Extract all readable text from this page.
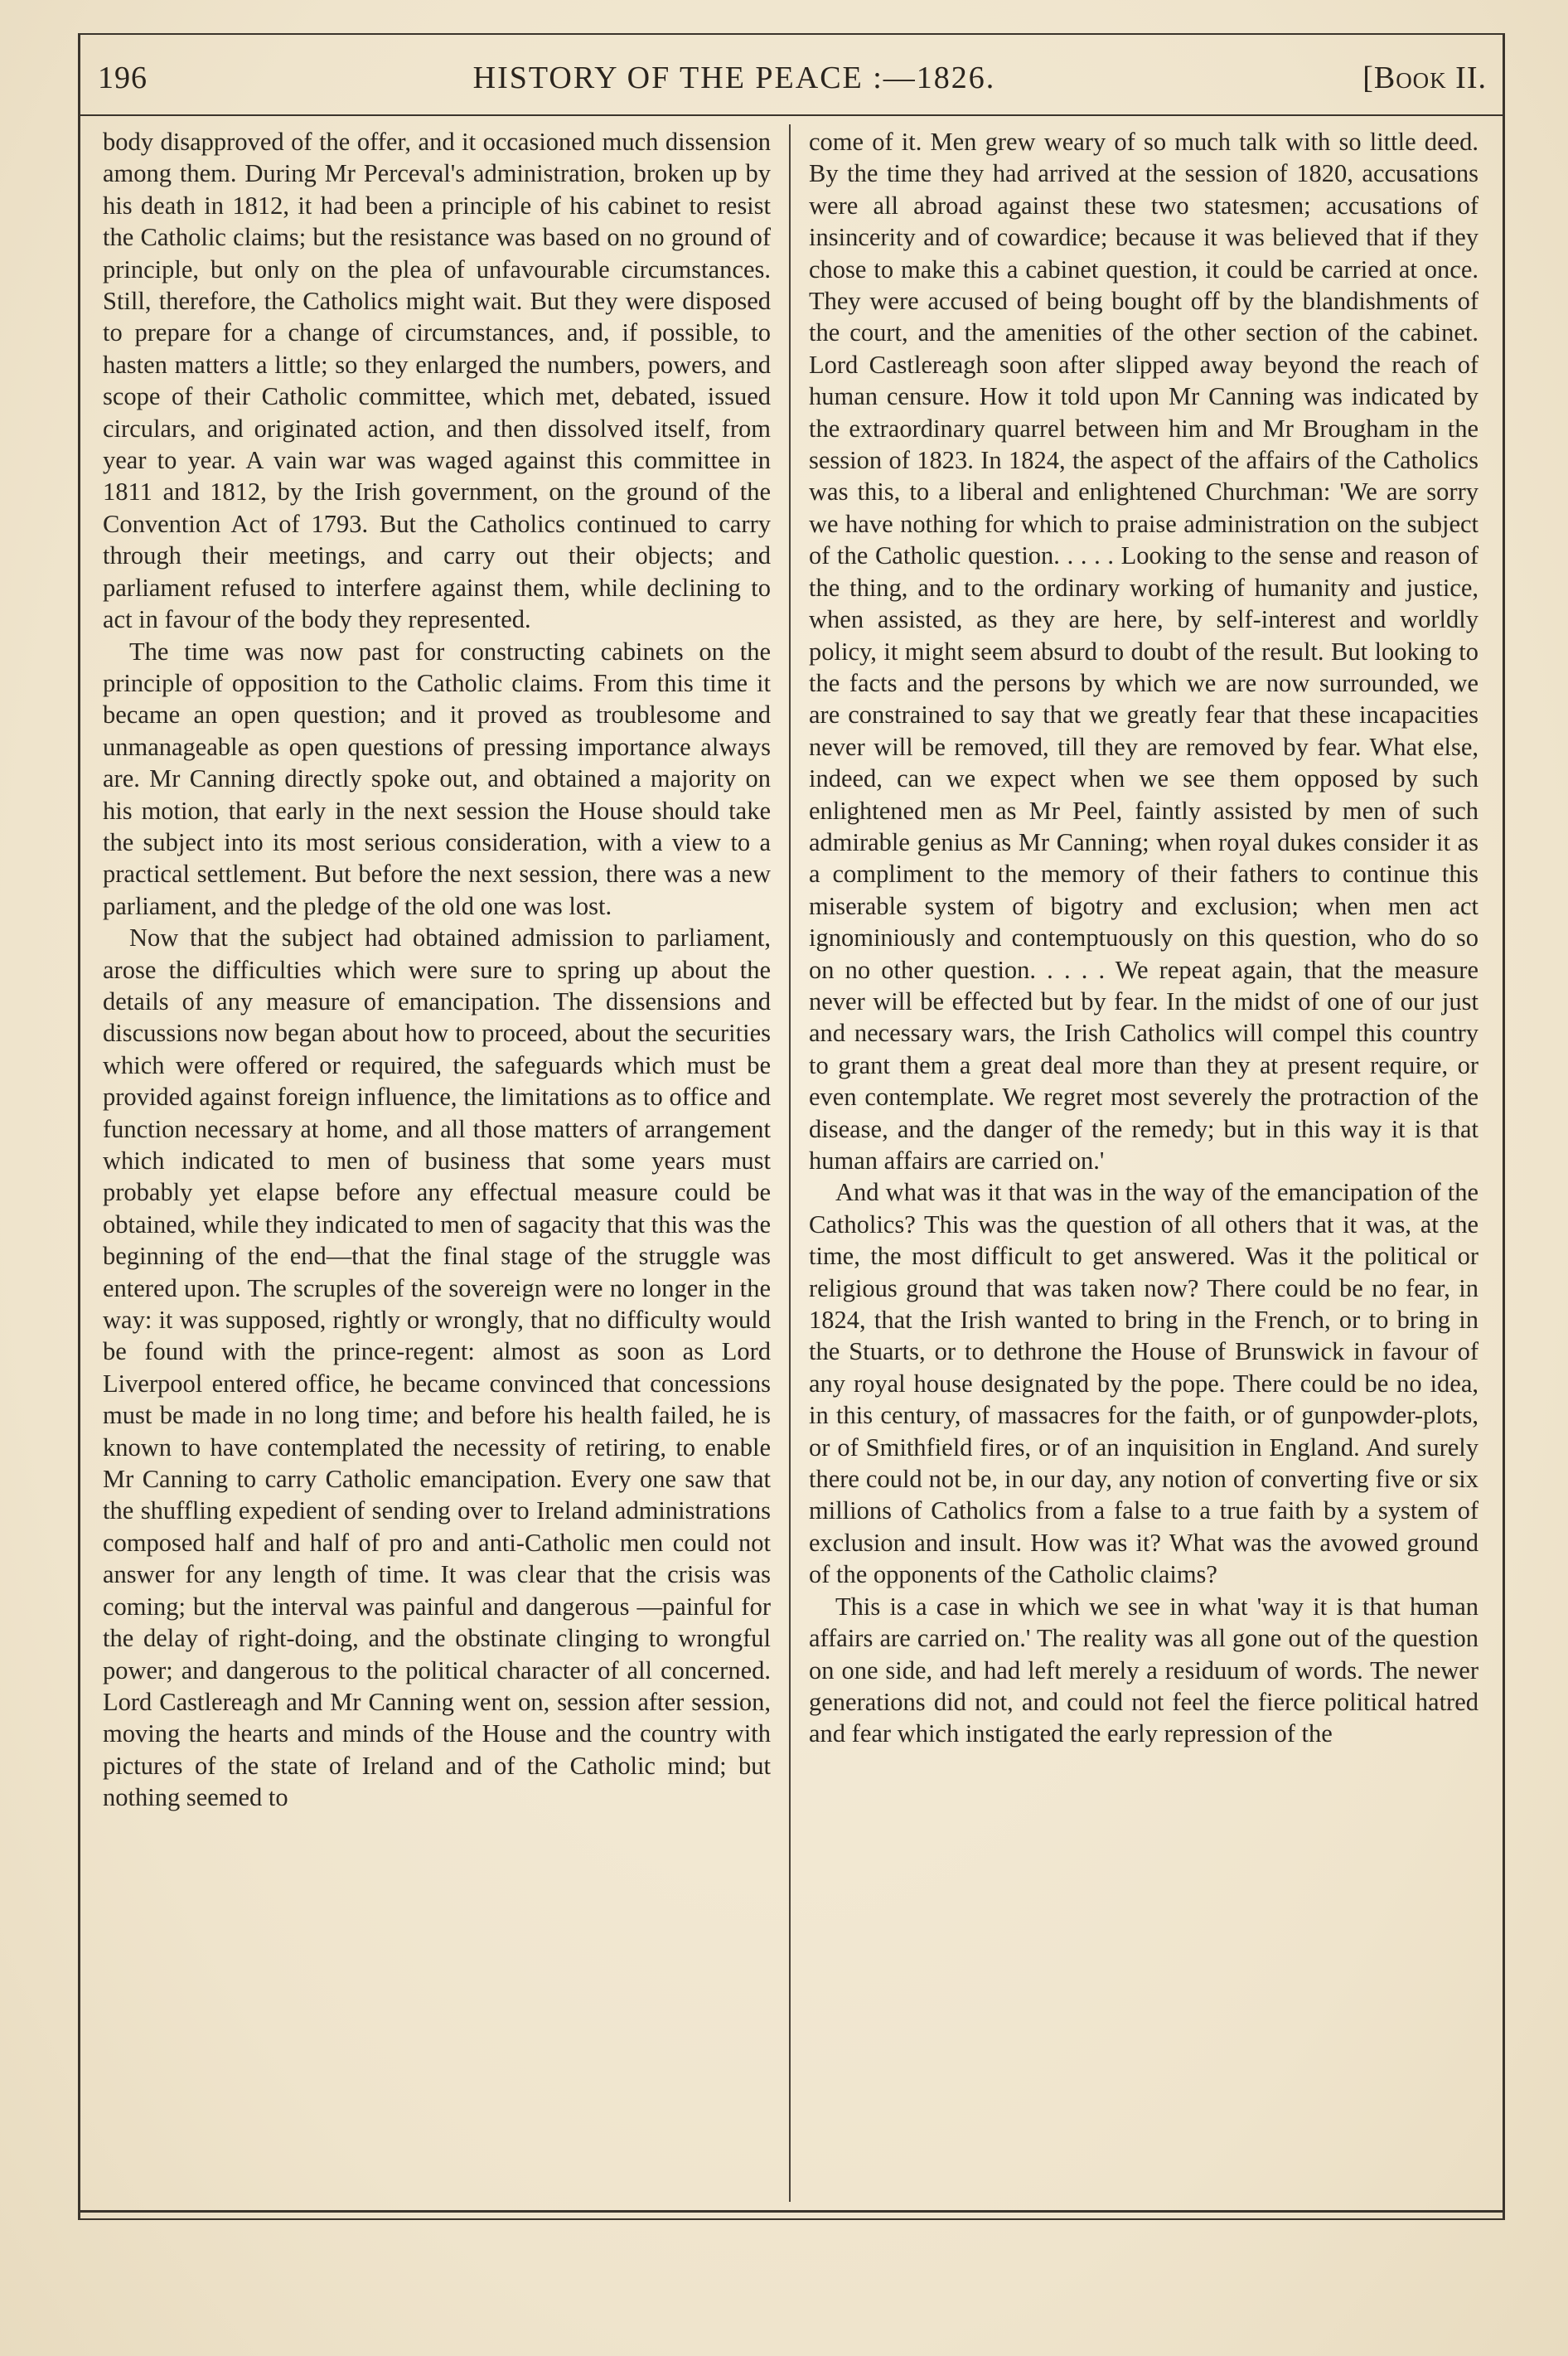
196	HISTORY OF THE PEACE :—1826.	[Book II.

body disapproved of the offer, and it occasioned much dissension among them. During Mr Perceval's administration, broken up by his death in 1812, it had been a principle of his cabinet to resist the Catholic claims; but the resistance was based on no ground of principle, but only on the plea of unfavourable circumstances. Still, therefore, the Catholics might wait. But they were disposed to prepare for a change of circumstances, and, if possible, to hasten matters a little; so they enlarged the numbers, powers, and scope of their Catholic committee, which met, debated, issued circulars, and originated action, and then dissolved itself, from year to year. A vain war was waged against this committee in 1811 and 1812, by the Irish government, on the ground of the Convention Act of 1793. But the Catholics continued to carry through their meetings, and carry out their objects; and parliament refused to interfere against them, while declining to act in favour of the body they represented.

The time was now past for constructing cabinets on the principle of opposition to the Catholic claims. From this time it became an open question; and it proved as troublesome and unmanageable as open questions of pressing importance always are. Mr Canning directly spoke out, and obtained a majority on his motion, that early in the next session the House should take the subject into its most serious consideration, with a view to a practical settlement. But before the next session, there was a new parliament, and the pledge of the old one was lost.

Now that the subject had obtained admission to parliament, arose the difficulties which were sure to spring up about the details of any measure of emancipation. The dissensions and discussions now began about how to proceed, about the securities which were offered or required, the safeguards which must be provided against foreign influence, the limitations as to office and function necessary at home, and all those matters of arrangement which indicated to men of business that some years must probably yet elapse before any effectual measure could be obtained, while they indicated to men of sagacity that this was the beginning of the end—that the final stage of the struggle was entered upon. The scruples of the sovereign were no longer in the way: it was supposed, rightly or wrongly, that no difficulty would be found with the prince-regent: almost as soon as Lord Liverpool entered office, he became convinced that concessions must be made in no long time; and before his health failed, he is known to have contemplated the necessity of retiring, to enable Mr Canning to carry Catholic emancipation. Every one saw that the shuffling expedient of sending over to Ireland administrations composed half and half of pro and anti-Catholic men could not answer for any length of time. It was clear that the crisis was coming; but the interval was painful and dangerous —painful for the delay of right-doing, and the obstinate clinging to wrongful power; and dangerous to the political character of all concerned. Lord Castlereagh and Mr Canning went on, session after session, moving the hearts and minds of the House and the country with pictures of the state of Ireland and of the Catholic mind; but nothing seemed to

come of it. Men grew weary of so much talk with so little deed. By the time they had arrived at the session of 1820, accusations were all abroad against these two statesmen; accusations of insincerity and of cowardice; because it was believed that if they chose to make this a cabinet question, it could be carried at once. They were accused of being bought off by the blandishments of the court, and the amenities of the other section of the cabinet. Lord Castlereagh soon after slipped away beyond the reach of human censure. How it told upon Mr Canning was indicated by the extraordinary quarrel between him and Mr Brougham in the session of 1823. In 1824, the aspect of the affairs of the Catholics was this, to a liberal and enlightened Churchman: 'We are sorry we have nothing for which to praise administration on the subject of the Catholic question. . . . . Looking to the sense and reason of the thing, and to the ordinary working of humanity and justice, when assisted, as they are here, by self-interest and worldly policy, it might seem absurd to doubt of the result. But looking to the facts and the persons by which we are now surrounded, we are constrained to say that we greatly fear that these incapacities never will be removed, till they are removed by fear. What else, indeed, can we expect when we see them opposed by such enlightened men as Mr Peel, faintly assisted by men of such admirable genius as Mr Canning; when royal dukes consider it as a compliment to the memory of their fathers to continue this miserable system of bigotry and exclusion; when men act ignominiously and contemptuously on this question, who do so on no other question. . . . . We repeat again, that the measure never will be effected but by fear. In the midst of one of our just and necessary wars, the Irish Catholics will compel this country to grant them a great deal more than they at present require, or even contemplate. We regret most severely the protraction of the disease, and the danger of the remedy; but in this way it is that human affairs are carried on.'

And what was it that was in the way of the emancipation of the Catholics? This was the question of all others that it was, at the time, the most difficult to get answered. Was it the political or religious ground that was taken now? There could be no fear, in 1824, that the Irish wanted to bring in the French, or to bring in the Stuarts, or to dethrone the House of Brunswick in favour of any royal house designated by the pope. There could be no idea, in this century, of massacres for the faith, or of gunpowder-plots, or of Smithfield fires, or of an inquisition in England. And surely there could not be, in our day, any notion of converting five or six millions of Catholics from a false to a true faith by a system of exclusion and insult. How was it? What was the avowed ground of the opponents of the Catholic claims?

This is a case in which we see in what 'way it is that human affairs are carried on.' The reality was all gone out of the question on one side, and had left merely a residuum of words. The newer generations did not, and could not feel the fierce political hatred and fear which instigated the early repression of the
